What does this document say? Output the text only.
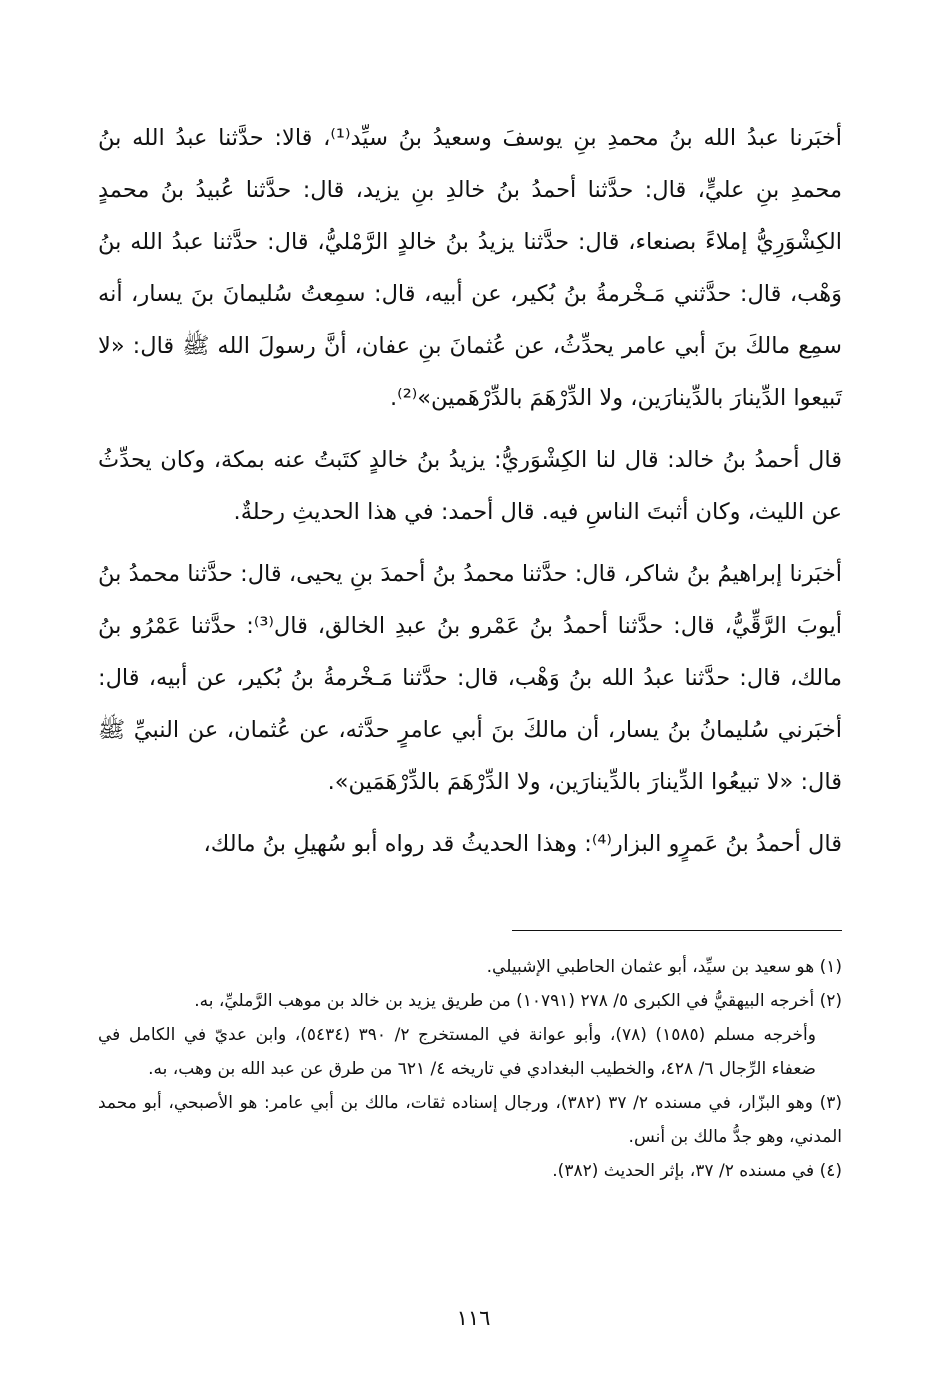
أخبَرنا عبدُ الله بنُ محمدِ بنِ يوسفَ وسعيدُ بنُ سيِّد⁽¹⁾، قالا: حدَّثنا عبدُ الله بنُ محمدِ بنِ عليٍّ، قال: حدَّثنا أحمدُ بنُ خالدِ بنِ يزيد، قال: حدَّثنا عُبيدُ بنُ محمدٍ الكِشْوَرِيُّ إملاءً بصنعاء، قال: حدَّثنا يزيدُ بنُ خالدٍ الرَّمْليُّ، قال: حدَّثنا عبدُ الله بنُ وَهْب، قال: حدَّثني مَـخْرمةُ بنُ بُكير، عن أبيه، قال: سمِعتُ سُليمانَ بنَ يسار، أنه سمِع مالكَ بنَ أبي عامر يحدِّثُ، عن عُثمانَ بنِ عفان، أنَّ رسولَ الله ﷺ قال: «لا تَبيعوا الدِّينارَ بالدِّينارَين، ولا الدِّرْهَمَ بالدِّرْهَمين»⁽²⁾.

قال أحمدُ بنُ خالد: قال لنا الكِشْوَريُّ: يزيدُ بنُ خالدٍ كتَبتُ عنه بمكة، وكان يحدِّثُ عن الليث، وكان أثبتَ الناسِ فيه. قال أحمد: في هذا الحديثِ رحلةٌ.

أخبَرنا إبراهيمُ بنُ شاكر، قال: حدَّثنا محمدُ بنُ أحمدَ بنِ يحيى، قال: حدَّثنا محمدُ بنُ أيوبَ الرَّقِّيُّ، قال: حدَّثنا أحمدُ بنُ عَمْرو بنُ عبدِ الخالق، قال⁽³⁾: حدَّثنا عَمْرُو بنُ مالك، قال: حدَّثنا عبدُ الله بنُ وَهْب، قال: حدَّثنا مَـخْرمةُ بنُ بُكير، عن أبيه، قال: أخبَرني سُليمانُ بنُ يسار، أن مالكَ بنَ أبي عامرٍ حدَّثه، عن عُثمان، عن النبيِّ ﷺ قال: «لا تبيعُوا الدِّينارَ بالدِّينارَين، ولا الدِّرْهَمَ بالدِّرْهَمَين».

قال أحمدُ بنُ عَمرٍو البزار⁽⁴⁾: وهذا الحديثُ قد رواه أبو سُهيلِ بنُ مالك،

(١) هو سعيد بن سيِّد، أبو عثمان الحاطبي الإشبيلي.

(٢) أخرجه البيهقيُّ في الكبرى ٥/ ٢٧٨ (١٠٧٩١) من طريق يزيد بن خالد بن موهب الرَّمليِّ، به.

وأخرجه مسلم (١٥٨٥) (٧٨)، وأبو عوانة في المستخرج ٢/ ٣٩٠ (٥٤٣٤)، وابن عديّ في الكامل في ضعفاء الرِّجال ٦/ ٤٢٨، والخطيب البغدادي في تاريخه ٤/ ٦٢١ من طرق عن عبد الله بن وهب، به.

(٣) وهو البزّار، في مسنده ٢/ ٣٧ (٣٨٢)، ورجال إسناده ثقات، مالك بن أبي عامر: هو الأصبحي، أبو محمد المدني، وهو جدُّ مالك بن أنس.

(٤) في مسنده ٢/ ٣٧، بإثر الحديث (٣٨٢).

١١٦
